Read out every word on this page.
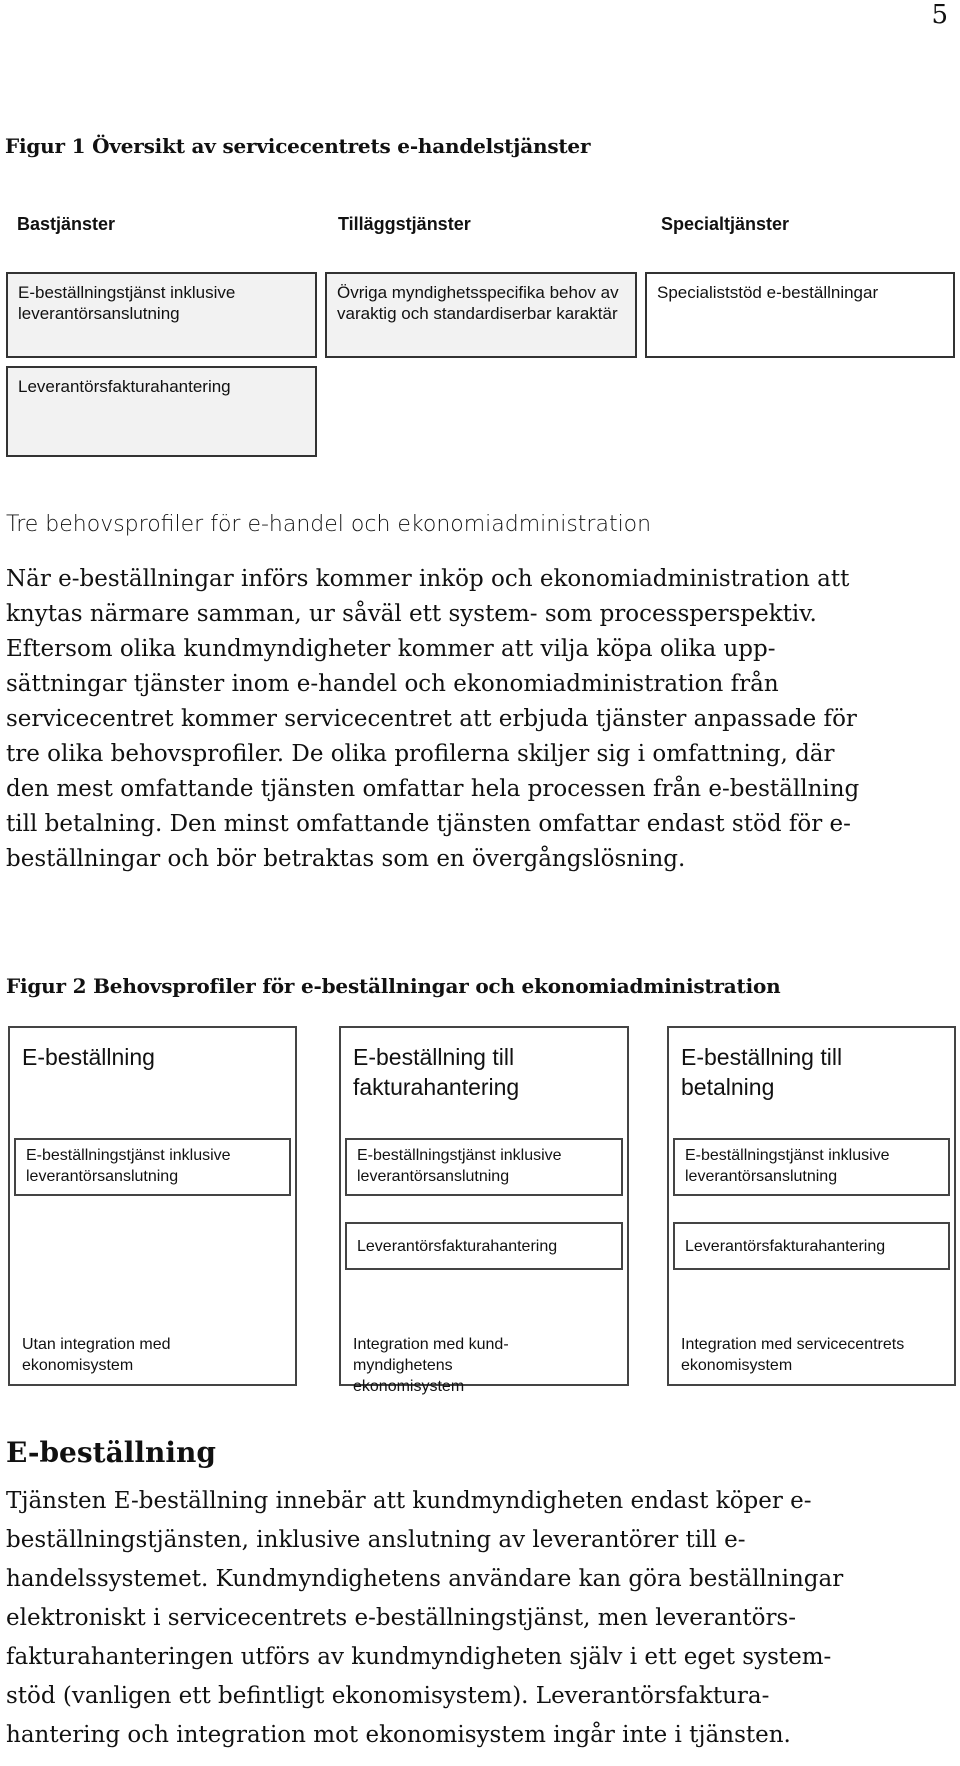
5
Figur 1 Översikt av servicecentrets e-handelstjänster
Bastjänster	Tilläggstjänster	Specialtjänster
E-beställningstjänst inklusive leverantörsanslutning
Övriga myndighetsspecifika behov av varaktig och standardiserbar karaktär
Specialiststöd e-beställningar
Leverantörsfakturahantering
Tre behovsprofiler för e-handel och ekonomiadministration
När e-beställningar införs kommer inköp och ekonomiadministration att
knytas närmare samman, ur såväl ett system- som processperspektiv.
Eftersom olika kundmyndigheter kommer att vilja köpa olika upp-
sättningar tjänster inom e-handel och ekonomiadministration från
servicecentret kommer servicecentret att erbjuda tjänster anpassade för
tre olika behovsprofiler. De olika profilerna skiljer sig i omfattning, där
den mest omfattande tjänsten omfattar hela processen från e-beställning
till betalning. Den minst omfattande tjänsten omfattar endast stöd för e-
beställningar och bör betraktas som en övergångslösning.
Figur 2 Behovsprofiler för e-beställningar och ekonomiadministration
E-beställning
E-beställningstjänst inklusive leverantörsanslutning
Utan integration med ekonomisystem
E-beställning till
fakturahantering
E-beställningstjänst inklusive leverantörsanslutning
Leverantörsfakturahantering
Integration med kund-myndighetens ekonomisystem
E-beställning till
betalning
E-beställningstjänst inklusive leverantörsanslutning
Leverantörsfakturahantering
Integration med servicecentrets ekonomisystem
E-beställning
Tjänsten E-beställning innebär att kundmyndigheten endast köper e-
beställningstjänsten, inklusive anslutning av leverantörer till e-
handelssystemet. Kundmyndighetens användare kan göra beställningar
elektroniskt i servicecentrets e-beställningstjänst, men leverantörs-
fakturahanteringen utförs av kundmyndigheten själv i ett eget system-
stöd (vanligen ett befintligt ekonomisystem). Leverantörsfaktura-
hantering och integration mot ekonomisystem ingår inte i tjänsten.
